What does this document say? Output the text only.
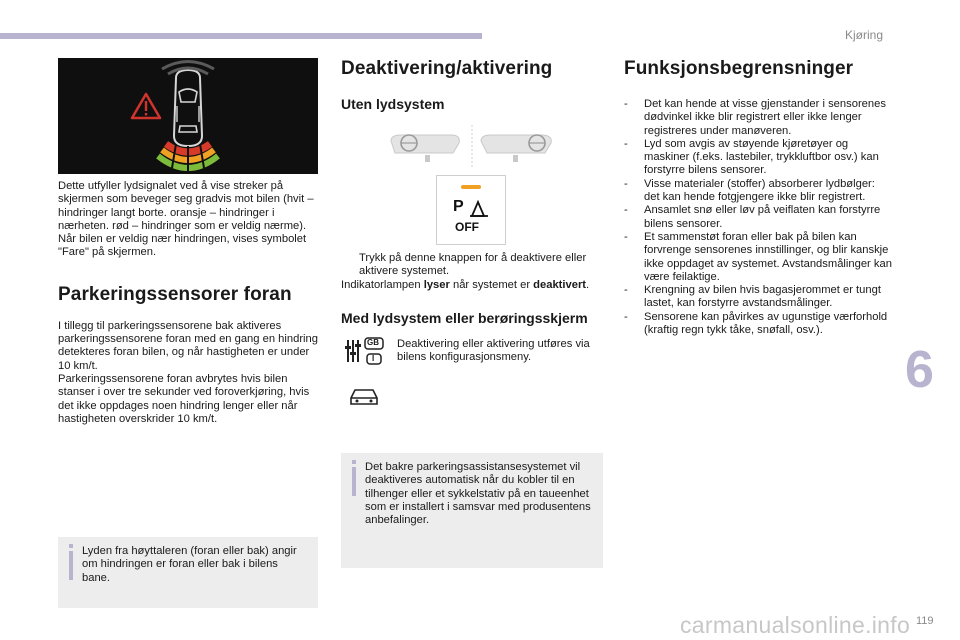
Kjøring

Dette utfyller lydsignalet ved å vise streker på skjermen som beveger seg gradvis mot bilen (hvit – hindringer langt borte. oransje – hindringer i nærheten. rød – hindringer som er veldig nærme).

Når bilen er veldig nær hindringen, vises symbolet "Fare" på skjermen.

Parkeringssensorer foran

I tillegg til parkeringssensorene bak aktiveres parkeringssensorene foran med en gang en hindring detekteres foran bilen, og når hastigheten er under 10 km/t.

Parkeringssensorene foran avbrytes hvis bilen stanser i over tre sekunder ved foroverkjøring, hvis det ikke oppdages noen hindring lenger eller når hastigheten overskrider 10 km/t.

Lyden fra høyttaleren (foran eller bak) angir om hindringen er foran eller bak i bilens bane.

Deaktivering/aktivering
Uten lydsystem
P
OFF

Trykk på denne knappen for å deaktivere eller aktivere systemet.

Indikatorlampen lyser når systemet er deaktivert.

Med lydsystem eller berøringsskjerm
GB
I

Deaktivering eller aktivering utføres via bilens konfigurasjonsmeny.

Det bakre parkeringsassistansesystemet vil deaktiveres automatisk når du kobler til en tilhenger eller et sykkelstativ på en taueenhet som er installert i samsvar med produsentens anbefalinger.

Funksjonsbegrensninger
- Det kan hende at visse gjenstander i sensorenes dødvinkel ikke blir registrert eller ikke lenger registreres under manøveren.
- Lyd som avgis av støyende kjøretøyer og maskiner (f.eks. lastebiler, trykkluftbor osv.) kan forstyrre bilens sensorer.
- Visse materialer (stoffer) absorberer lydbølger: det kan hende fotgjengere ikke blir registrert.
- Ansamlet snø eller løv på veiflaten kan forstyrre bilens sensorer.
- Et sammenstøt foran eller bak på bilen kan forvrenge sensorenes innstillinger, og blir kanskje ikke oppdaget av systemet. Avstandsmålinger kan være feilaktige.
- Krengning av bilen hvis bagasjerommet er tungt lastet, kan forstyrre avstandsmålinger.
- Sensorene kan påvirkes av ugunstige værforhold (kraftig regn tykk tåke, snøfall, osv.).
6
carmanualsonline.info 119
